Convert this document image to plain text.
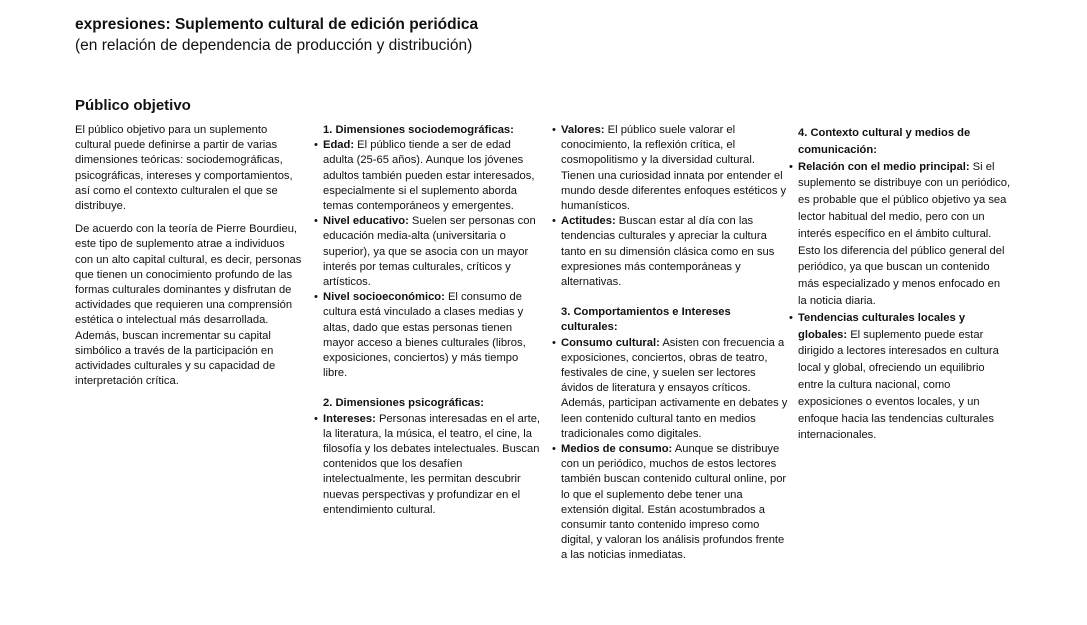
expresiones: Suplemento cultural de edición periódica
(en relación de dependencia de producción y distribución)
Público objetivo

El público objetivo para un suplemento cultural puede definirse a partir de varias dimensiones teóricas: sociodemográficas, psicográficas, intereses y comportamientos, así como el contexto culturalen el que se distribuye.

De acuerdo con la teoría de Pierre Bourdieu, este tipo de suplemento atrae a individuos con un alto capital cultural, es decir, personas que tienen un conocimiento profundo de las formas culturales dominantes y disfrutan de actividades que requieren una comprensión estética o intelectual más desarrollada. Además, buscan incrementar su capital simbólico a través de la participación en actividades culturales y su capacidad de interpretación crítica.

1. Dimensiones sociodemográficas:
• Edad: El público tiende a ser de edad adulta (25-65 años). Aunque los jóvenes adultos también pueden estar interesados, especialmente si el suplemento aborda temas contemporáneos y emergentes.
• Nivel educativo: Suelen ser personas con educación media-alta (universitaria o superior), ya que se asocia con un mayor interés por temas culturales, críticos y artísticos.
• Nivel socioeconómico: El consumo de cultura está vinculado a clases medias y altas, dado que estas personas tienen mayor acceso a bienes culturales (libros, exposiciones, conciertos) y más tiempo libre.
2. Dimensiones psicográficas:
• Intereses: Personas interesadas en el arte, la literatura, la música, el teatro, el cine, la filosofía y los debates intelectuales. Buscan contenidos que los desafíen intelectualmente, les permitan descubrir nuevas perspectivas y profundizar en el entendimiento cultural.
• Valores: El público suele valorar el conocimiento, la reflexión crítica, el cosmopolitismo y la diversidad cultural. Tienen una curiosidad innata por entender el mundo desde diferentes enfoques estéticos y humanísticos.
• Actitudes: Buscan estar al día con las tendencias culturales y apreciar la cultura tanto en su dimensión clásica como en sus expresiones más contemporáneas y alternativas.
3. Comportamientos e Intereses culturales:
• Consumo cultural: Asisten con frecuencia a exposiciones, conciertos, obras de teatro, festivales de cine, y suelen ser lectores ávidos de literatura y ensayos críticos. Además, participan activamente en debates y leen contenido cultural tanto en medios tradicionales como digitales.
• Medios de consumo: Aunque se distribuye con un periódico, muchos de estos lectores también buscan contenido cultural online, por lo que el suplemento debe tener una extensión digital. Están acostumbrados a consumir tanto contenido impreso como digital, y valoran los análisis profundos frente a las noticias inmediatas.
4. Contexto cultural y medios de comunicación:
• Relación con el medio principal: Si el suplemento se distribuye con un periódico, es probable que el público objetivo ya sea lector habitual del medio, pero con un interés específico en el ámbito cultural. Esto los diferencia del público general del periódico, ya que buscan un contenido más especializado y menos enfocado en la noticia diaria.
• Tendencias culturales locales y globales: El suplemento puede estar dirigido a lectores interesados en cultura local y global, ofreciendo un equilibrio entre la cultura nacional, como exposiciones o eventos locales, y un enfoque hacia las tendencias culturales internacionales.
